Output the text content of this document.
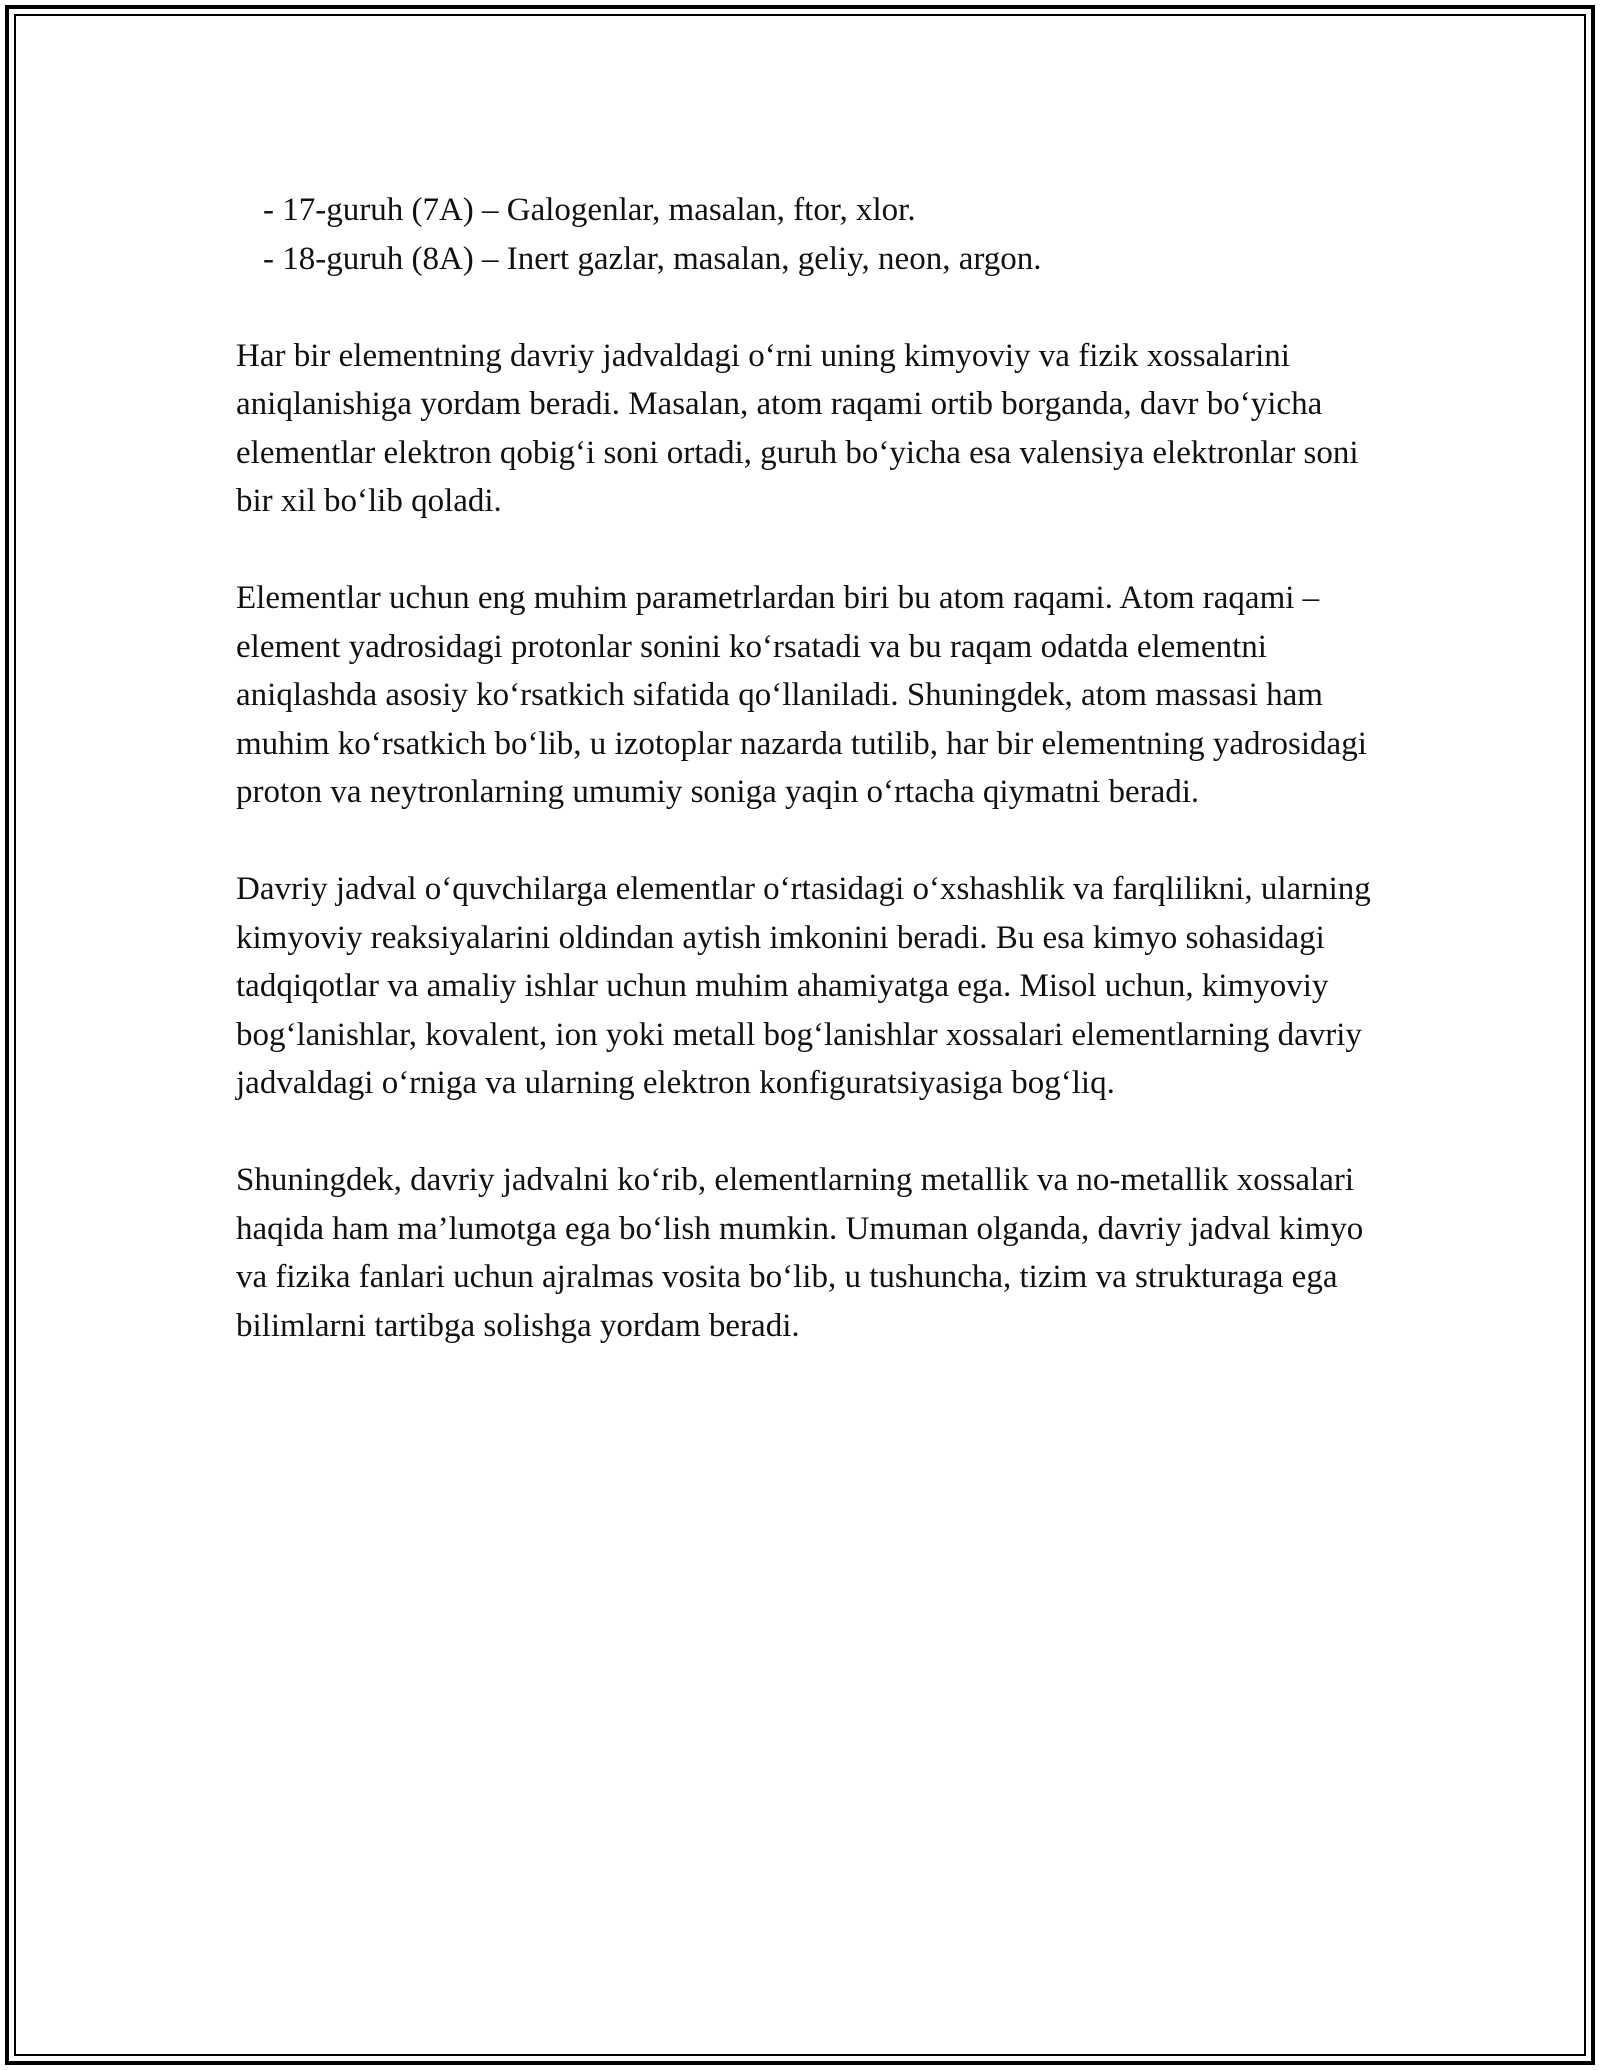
- 17-guruh (7A) – Galogenlar, masalan, ftor, xlor.

- 18-guruh (8A) – Inert gazlar, masalan, geliy, neon, argon.

Har bir elementning davriy jadvaldagi o‘rni uning kimyoviy va fizik xossalarini aniqlanishiga yordam beradi. Masalan, atom raqami ortib borganda, davr bo‘yicha elementlar elektron qobig‘i soni ortadi, guruh bo‘yicha esa valensiya elektronlar soni bir xil bo‘lib qoladi.

Elementlar uchun eng muhim parametrlardan biri bu atom raqami. Atom raqami – element yadrosidagi protonlar sonini ko‘rsatadi va bu raqam odatda elementni aniqlashda asosiy ko‘rsatkich sifatida qo‘llaniladi. Shuningdek, atom massasi ham muhim ko‘rsatkich bo‘lib, u izotoplar nazarda tutilib, har bir elementning yadrosidagi proton va neytronlarning umumiy soniga yaqin o‘rtacha qiymatni beradi.

Davriy jadval o‘quvchilarga elementlar o‘rtasidagi o‘xshashlik va farqlilikni, ularning kimyoviy reaksiyalarini oldindan aytish imkonini beradi. Bu esa kimyo sohasidagi tadqiqotlar va amaliy ishlar uchun muhim ahamiyatga ega. Misol uchun, kimyoviy bog‘lanishlar, kovalent, ion yoki metall bog‘lanishlar xossalari elementlarning davriy jadvaldagi o‘rniga va ularning elektron konfiguratsiyasiga bog‘liq.

Shuningdek, davriy jadvalni ko‘rib, elementlarning metallik va no-metallik xossalari haqida ham ma’lumotga ega bo‘lish mumkin. Umuman olganda, davriy jadval kimyo va fizika fanlari uchun ajralmas vosita bo‘lib, u tushuncha, tizim va strukturaga ega bilimlarni tartibga solishga yordam beradi.
